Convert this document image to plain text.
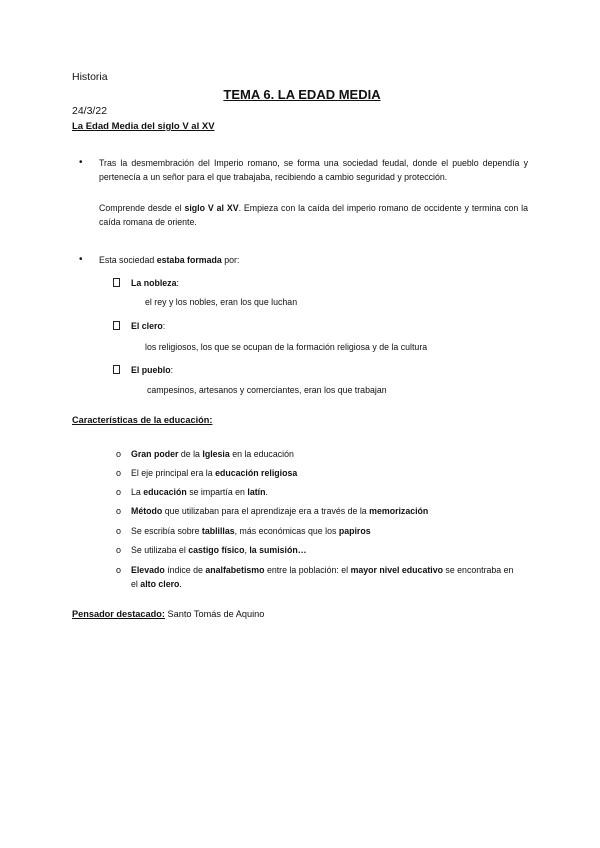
Historia
TEMA 6. LA EDAD MEDIA
24/3/22
La Edad Media del siglo V al XV
• Tras la desmembración del Imperio romano, se forma una sociedad feudal, donde el pueblo dependía y pertenecía a un señor para el que trabajaba, recibiendo a cambio seguridad y protección.
Comprende desde el siglo V al XV. Empieza con la caída del imperio romano de occidente y termina con la caída romana de oriente.
• Esta sociedad estaba formada por:
La nobleza:
el rey y los nobles, eran los que luchan
El clero:
los religiosos, los que se ocupan de la formación religiosa y de la cultura
El pueblo:
campesinos, artesanos y comerciantes, eran los que trabajan
Características de la educación:
o Gran poder de la Iglesia en la educación
o El eje principal era la educación religiosa
o La educación se impartía en latín.
o Método que utilizaban para el aprendizaje era a través de la memorización
o Se escribía sobre tablillas, más económicas que los papiros
o Se utilizaba el castigo físico, la sumisión…
o Elevado índice de analfabetismo entre la población: el mayor nivel educativo se encontraba en el alto clero.
Pensador destacado: Santo Tomás de Aquino
